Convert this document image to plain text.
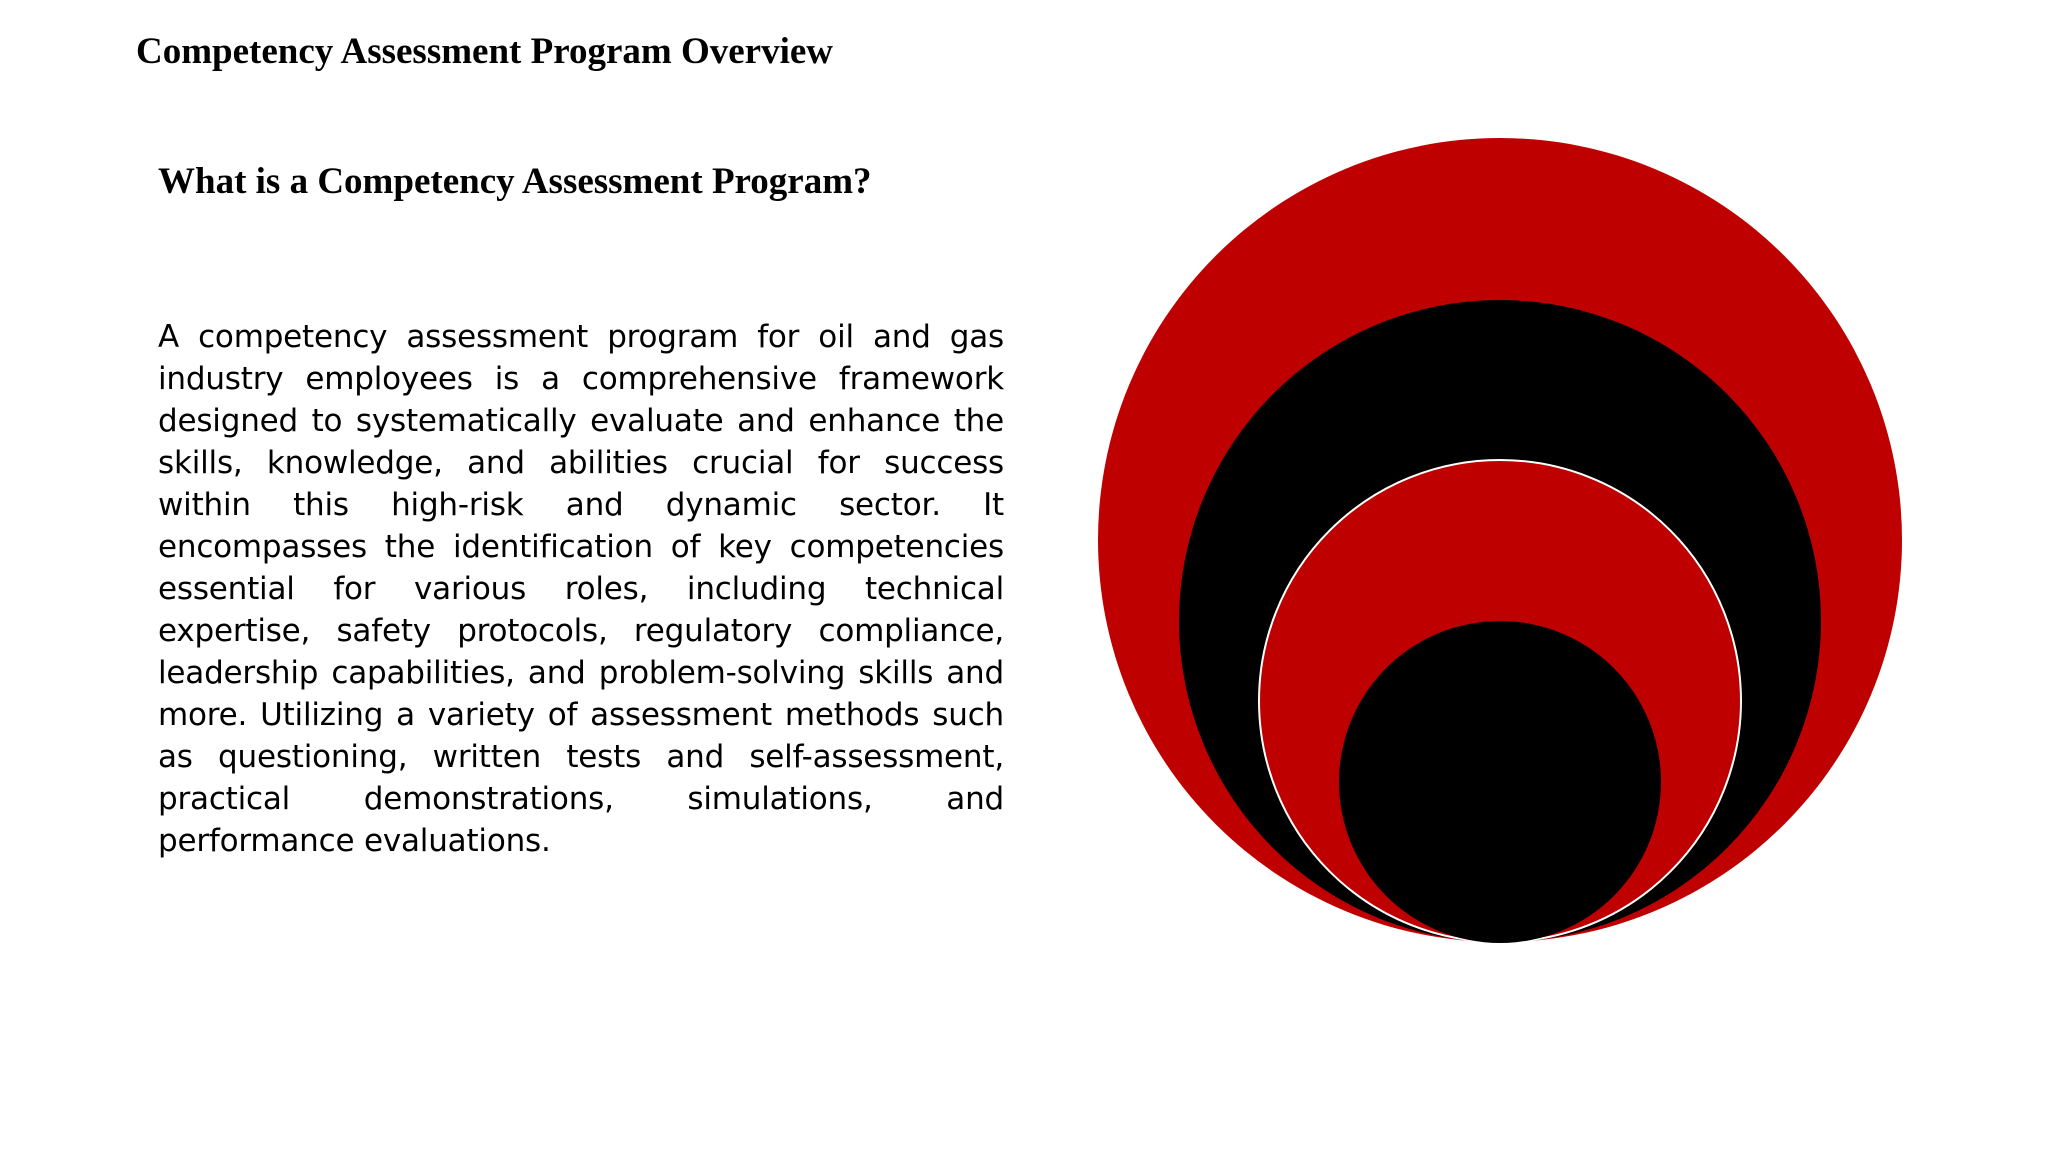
Competency Assessment Program Overview
What is a Competency Assessment Program?

A competency assessment program for oil and gas industry employees is a comprehensive framework designed to systematically evaluate and enhance the skills, knowledge, and abilities crucial for success within this high-risk and dynamic sector. It encompasses the identification of key competencies essential for various roles, including technical expertise, safety protocols, regulatory compliance, leadership capabilities, and problem-solving skills and more. Utilizing a variety of assessment methods such as questioning, written tests and self-assessment, practical demonstrations, simulations, and performance evaluations.
